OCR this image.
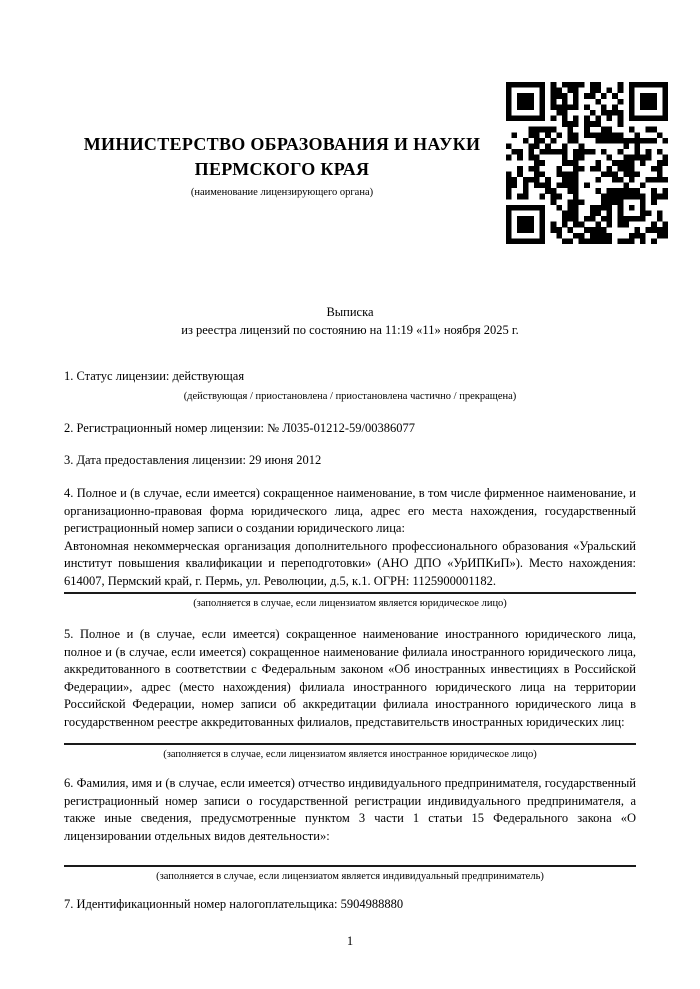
МИНИСТЕРСТВО ОБРАЗОВАНИЯ И НАУКИ
ПЕРМСКОГО КРАЯ
(наименование лицензирующего органа)
Выписка
из реестра лицензий по состоянию на 11:19 «11» ноября 2025 г.

1. Статус лицензии: действующая

(действующая / приостановлена / приостановлена частично / прекращена)

2. Регистрационный номер лицензии: № Л035-01212-59/00386077

3. Дата предоставления лицензии: 29 июня 2012

4. Полное и (в случае, если имеется) сокращенное наименование, в том числе фирменное наименование, и организационно-правовая форма юридического лица, адрес его места нахождения, государственный регистрационный номер записи о создании юридического лица:

Автономная некоммерческая организация дополнительного профессионального образования «Уральский институт повышения квалификации и переподготовки» (АНО ДПО «УрИПКиП»). Место нахождения: 614007, Пермский край, г. Пермь, ул. Революции, д.5, к.1. ОГРН: 1125900001182.

(заполняется в случае, если лицензиатом является юридическое лицо)

5. Полное и (в случае, если имеется) сокращенное наименование иностранного юридического лица, полное и (в случае, если имеется) сокращенное наименование филиала иностранного юридического лица, аккредитованного в соответствии с Федеральным законом «Об иностранных инвестициях в Российской Федерации», адрес (место нахождения) филиала иностранного юридического лица на территории Российской Федерации, номер записи об аккредитации филиала иностранного юридического лица в государственном реестре аккредитованных филиалов, представительств иностранных юридических лиц:

(заполняется в случае, если лицензиатом является иностранное юридическое лицо)

6. Фамилия, имя и (в случае, если имеется) отчество индивидуального предпринимателя, государственный регистрационный номер записи о государственной регистрации индивидуального предпринимателя, а также иные сведения, предусмотренные пунктом 3 части 1 статьи 15 Федерального закона «О лицензировании отдельных видов деятельности»:

(заполняется в случае, если лицензиатом является индивидуальный предприниматель)

7. Идентификационный номер налогоплательщика: 5904988880

1
